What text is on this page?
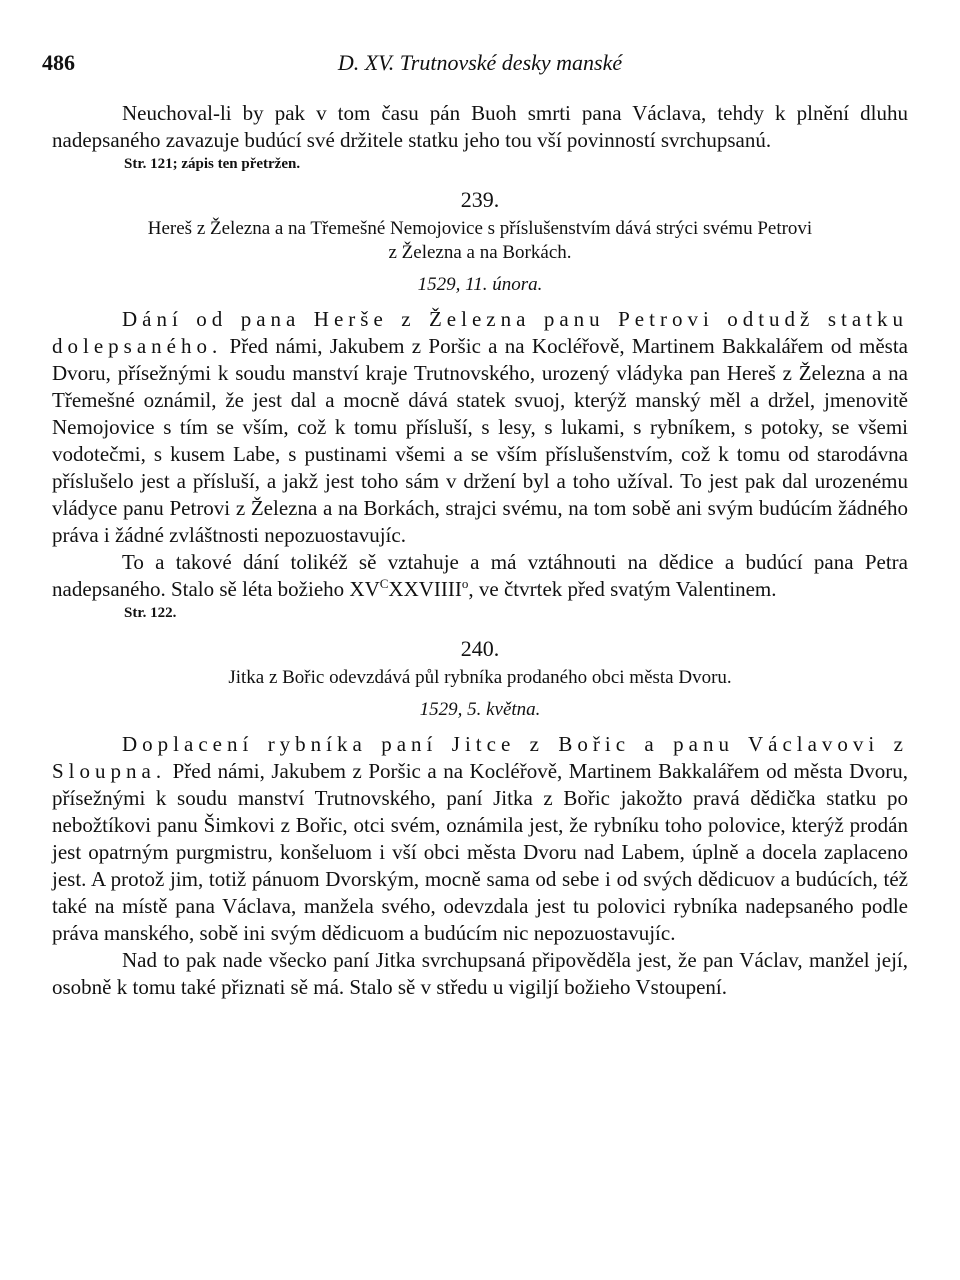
486	D. XV. Trutnovské desky manské

Neuchoval-li by pak v tom času pán Buoh smrti pana Václava, tehdy k plnění dluhu nadepsaného zavazuje budúcí své držitele statku jeho tou vší povinností svrchupsanú.

Str. 121; zápis ten přetržen.
239.
Hereš z Železna a na Třemešné Nemojovice s příslušenstvím dává strýci svému Petrovi
z Železna a na Borkách.
1529, 11. února.

Dání od pana Herše z Železna panu Petrovi odtudž statku dolepsaného. Před námi, Jakubem z Poršic a na Kocléřově, Martinem Bakkalářem od města Dvoru, přísežnými k soudu manství kraje Trutnovského, urozený vládyka pan Hereš z Železna a na Třemešné oznámil, že jest dal a mocně dává statek svuoj, kterýž manský měl a držel, jmenovitě Nemojovice s tím se vším, což k tomu přísluší, s lesy, s lukami, s rybníkem, s potoky, se všemi vodotečmi, s kusem Labe, s pustinami všemi a se vším příslušenstvím, což k tomu od starodávna příslušelo jest a přísluší, a jakž jest toho sám v držení byl a toho užíval. To jest pak dal urozenému vládyce panu Petrovi z Železna a na Borkách, strajci svému, na tom sobě ani svým budúcím žádného práva i žádné zvláštnosti nepozuostavujíc.

To a takové dání tolikéž sě vztahuje a má vztáhnouti na dědice a budúcí pana Petra nadepsaného. Stalo sě léta božieho $XV^CXXVIIII^o$, ve čtvrtek před svatým Valentinem.

Str. 122.
240.
Jitka z Bořic odevzdává půl rybníka prodaného obci města Dvoru.
1529, 5. května.

Doplacení rybníka paní Jitce z Bořic a panu Václavovi z Sloupna. Před námi, Jakubem z Poršic a na Kocléřově, Martinem Bakkalářem od města Dvoru, přísežnými k soudu manství Trutnovského, paní Jitka z Bořic jakožto pravá dědička statku po nebožtíkovi panu Šimkovi z Bořic, otci svém, oznámila jest, že rybníku toho polovice, kterýž prodán jest opatrným purgmistru, konšeluom i vší obci města Dvoru nad Labem, úplně a docela zaplaceno jest. A protož jim, totiž pánuom Dvorským, mocně sama od sebe i od svých dědicuov a budúcích, též také na místě pana Václava, manžela svého, odevzdala jest tu polovici rybníka nadepsaného podle práva manského, sobě ini svým dědicuom a budúcím nic nepozuostavujíc.

Nad to pak nade všecko paní Jitka svrchupsaná připověděla jest, že pan Václav, manžel její, osobně k tomu také přiznati sě má. Stalo sě v středu u vigiljí božieho Vstoupení.
